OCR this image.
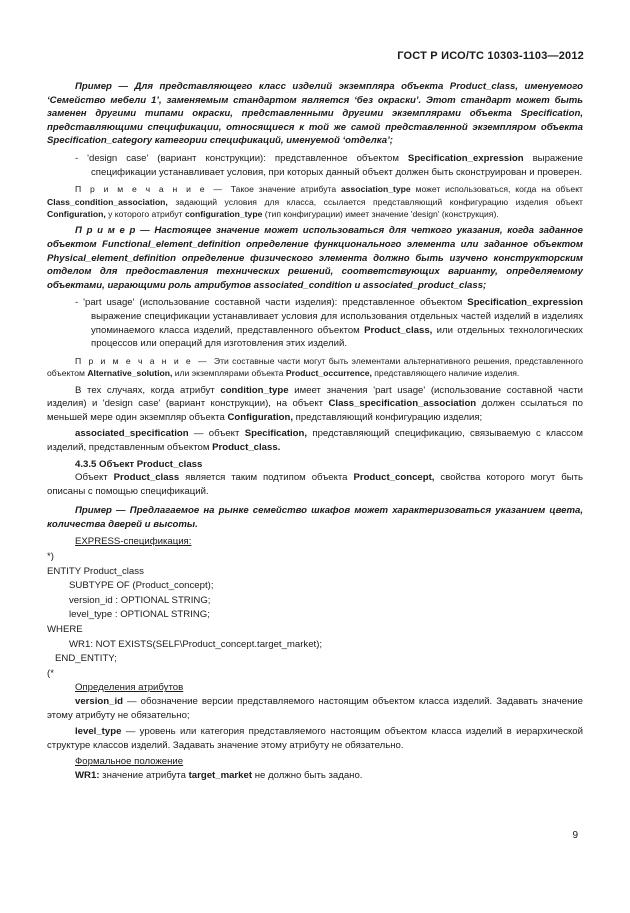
ГОСТ Р ИСО/ТС 10303-1103—2012

Пример — Для представляющего класс изделий экземпляра объекта Product_class, именуемого ‘Семейство мебели 1’, заменяемым стандартом является ‘без окраски’. Этот стандарт может быть заменен другими типами окраски, представленными другими экземплярами объекта Specification, представляющими спецификации, относящиеся к той же самой представленной экземпляром объекта Specification_category категории спецификаций, именуемой ‘отделка’;

- 'design case' (вариант конструкции): представленное объектом Specification_expression выражение спецификации устанавливает условия, при которых данный объект должен быть сконструирован и проверен.

П р и м е ч а н и е — Такое значение атрибута association_type может использоваться, когда на объект Class_condition_association, задающий условия для класса, ссылается представляющий конфигурацию изделия объект Configuration, у которого атрибут configuration_type (тип конфигурации) имеет значение 'design' (конструкция).

П р и м е р — Настоящее значение может использоваться для четкого указания, когда заданное объектом Functional_element_definition определение функционального элемента или заданное объектом Physical_element_definition определение физического элемента должно быть изучено конструкторским отделом для предоставления технических решений, соответствующих варианту, определяемому объектами, играющими роль атрибутов associated_condition и associated_product_class;

- 'part usage' (использование составной части изделия): представленное объектом Specification_expression выражение спецификации устанавливает условия для использования отдельных частей изделий в изделиях упоминаемого класса изделий, представленного объектом Product_class, или отдельных технологических процессов или операций для изготовления этих изделий.

П р и м е ч а н и е — Эти составные части могут быть элементами альтернативного решения, представленного объектом Alternative_solution, или экземплярами объекта Product_occurrence, представляющего наличие изделия.

В тех случаях, когда атрибут condition_type имеет значения 'part usage' (использование составной части изделия) и 'design case' (вариант конструкции), на объект Class_specification_association должен ссылаться по меньшей мере один экземпляр объекта Configuration, представляющий конфигурацию изделия;

associated_specification — объект Specification, представляющий спецификацию, связываемую с классом изделий, представленным объектом Product_class.

4.3.5 Объект Product_class

Объект Product_class является таким подтипом объекта Product_concept, свойства которого могут быть описаны с помощью спецификаций.

Пример — Предлагаемое на рынке семейство шкафов может характеризоваться указанием цвета, количества дверей и высоты.

EXPRESS-спецификация:

*)

ENTITY Product_class

SUBTYPE OF (Product_concept);

version_id : OPTIONAL STRING;

level_type : OPTIONAL STRING;

WHERE

WR1: NOT EXISTS(SELF\Product_concept.target_market);

END_ENTITY;

(*

Определения атрибутов

version_id — обозначение версии представляемого настоящим объектом класса изделий. Задавать значение этому атрибуту не обязательно;

level_type — уровень или категория представляемого настоящим объектом класса изделий в иерархической структуре классов изделий. Задавать значение этому атрибуту не обязательно.

Формальное положение

WR1: значение атрибута target_market не должно быть задано.

9
